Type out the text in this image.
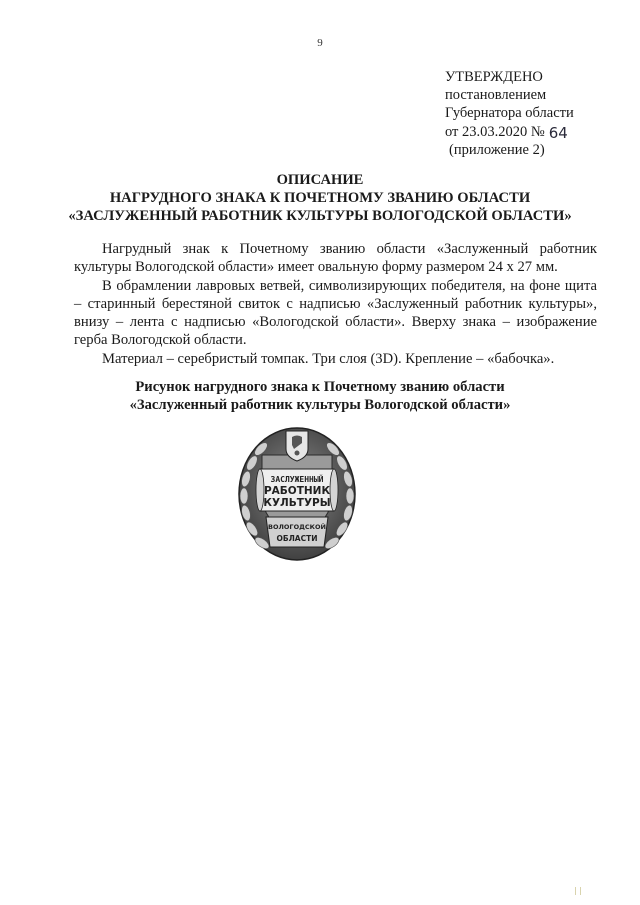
9
УТВЕРЖДЕНО
постановлением
Губернатора области
от 23.03.2020 № 64
(приложение 2)
ОПИСАНИЕ
НАГРУДНОГО ЗНАКА К ПОЧЕТНОМУ ЗВАНИЮ ОБЛАСТИ
«ЗАСЛУЖЕННЫЙ РАБОТНИК КУЛЬТУРЫ ВОЛОГОДСКОЙ ОБЛАСТИ»

Нагрудный знак к Почетному званию области «Заслуженный работник культуры Вологодской области» имеет овальную форму размером 24 х 27 мм.

В обрамлении лавровых ветвей, символизирующих победителя, на фоне щита – старинный берестяной свиток с надписью «Заслуженный работник культуры», внизу – лента с надписью «Вологодской области». Вверху знака – изображение герба Вологодской области.

Материал – серебристый томпак. Три слоя (3D). Крепление – «бабочка».

Рисунок нагрудного знака к Почетному званию области
«Заслуженный работник культуры Вологодской области»
ЗАСЛУЖЕННЫЙ
РАБОТНИК
КУЛЬТУРЫ
ВОЛОГОДСКОЙ
ОБЛАСТИ
| |
